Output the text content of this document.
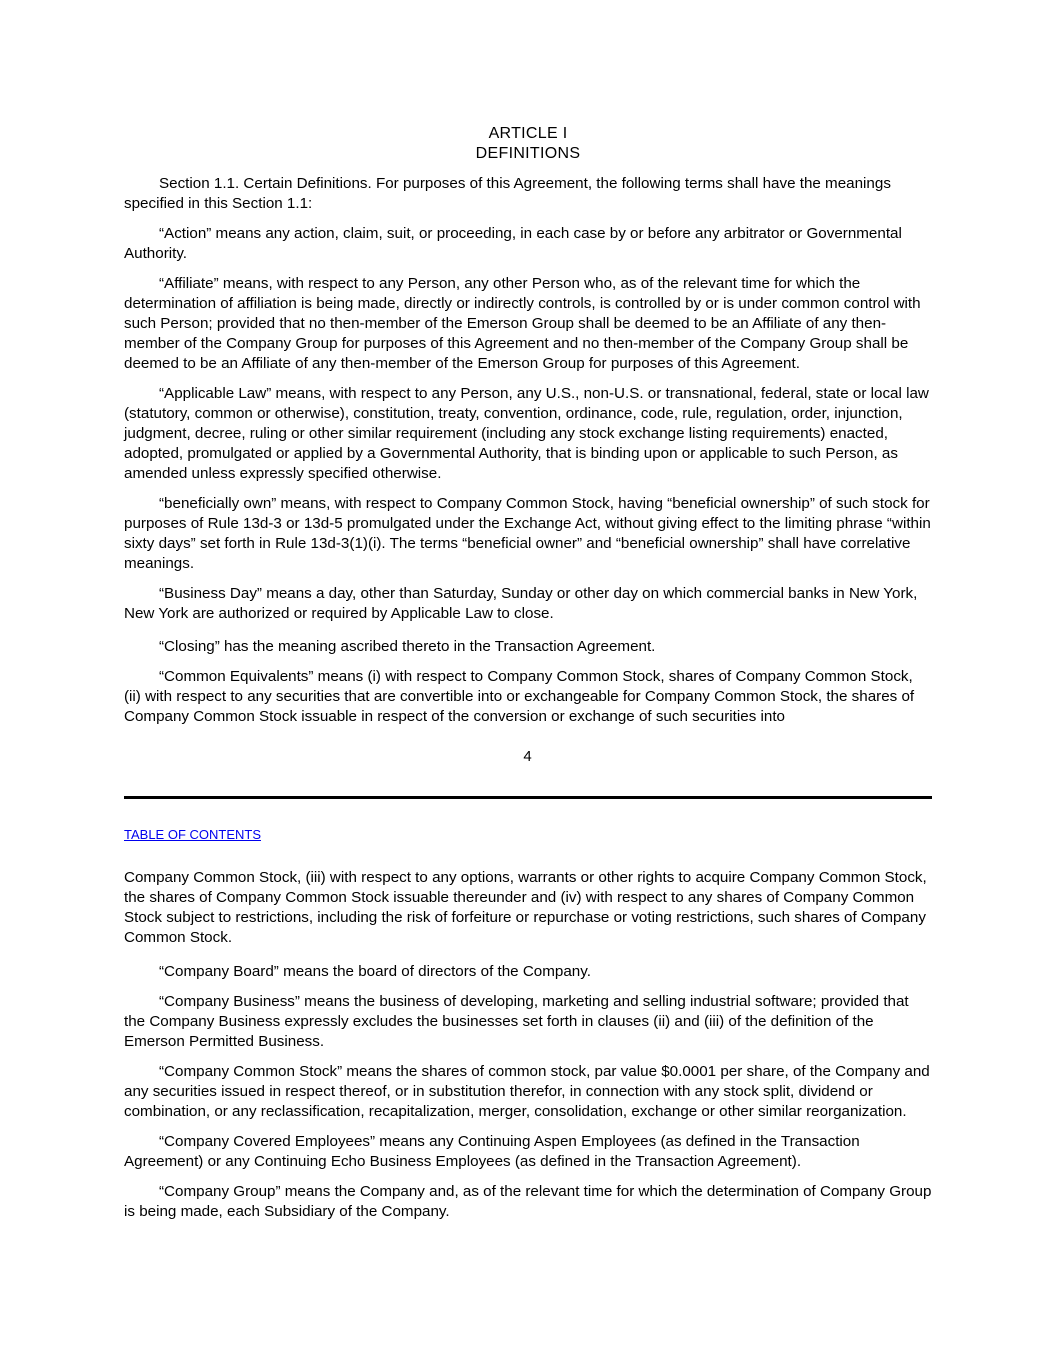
ARTICLE I
DEFINITIONS

Section 1.1. Certain Definitions. For purposes of this Agreement, the following terms shall have the meanings specified in this Section 1.1:

“Action” means any action, claim, suit, or proceeding, in each case by or before any arbitrator or Governmental Authority.

“Affiliate” means, with respect to any Person, any other Person who, as of the relevant time for which the determination of affiliation is being made, directly or indirectly controls, is controlled by or is under common control with such Person; provided that no then-member of the Emerson Group shall be deemed to be an Affiliate of any then-member of the Company Group for purposes of this Agreement and no then-member of the Company Group shall be deemed to be an Affiliate of any then-member of the Emerson Group for purposes of this Agreement.

“Applicable Law” means, with respect to any Person, any U.S., non-U.S. or transnational, federal, state or local law (statutory, common or otherwise), constitution, treaty, convention, ordinance, code, rule, regulation, order, injunction, judgment, decree, ruling or other similar requirement (including any stock exchange listing requirements) enacted, adopted, promulgated or applied by a Governmental Authority, that is binding upon or applicable to such Person, as amended unless expressly specified otherwise.

“beneficially own” means, with respect to Company Common Stock, having “beneficial ownership” of such stock for purposes of Rule 13d-3 or 13d-5 promulgated under the Exchange Act, without giving effect to the limiting phrase “within sixty days” set forth in Rule 13d-3(1)(i). The terms “beneficial owner” and “beneficial ownership” shall have correlative meanings.

“Business Day” means a day, other than Saturday, Sunday or other day on which commercial banks in New York, New York are authorized or required by Applicable Law to close.

“Closing” has the meaning ascribed thereto in the Transaction Agreement.

“Common Equivalents” means (i) with respect to Company Common Stock, shares of Company Common Stock, (ii) with respect to any securities that are convertible into or exchangeable for Company Common Stock, the shares of Company Common Stock issuable in respect of the conversion or exchange of such securities into

4
TABLE OF CONTENTS

Company Common Stock, (iii) with respect to any options, warrants or other rights to acquire Company Common Stock, the shares of Company Common Stock issuable thereunder and (iv) with respect to any shares of Company Common Stock subject to restrictions, including the risk of forfeiture or repurchase or voting restrictions, such shares of Company Common Stock.

“Company Board” means the board of directors of the Company.

“Company Business” means the business of developing, marketing and selling industrial software; provided that the Company Business expressly excludes the businesses set forth in clauses (ii) and (iii) of the definition of the Emerson Permitted Business.

“Company Common Stock” means the shares of common stock, par value $0.0001 per share, of the Company and any securities issued in respect thereof, or in substitution therefor, in connection with any stock split, dividend or combination, or any reclassification, recapitalization, merger, consolidation, exchange or other similar reorganization.

“Company Covered Employees” means any Continuing Aspen Employees (as defined in the Transaction Agreement) or any Continuing Echo Business Employees (as defined in the Transaction Agreement).

“Company Group” means the Company and, as of the relevant time for which the determination of Company Group is being made, each Subsidiary of the Company.
